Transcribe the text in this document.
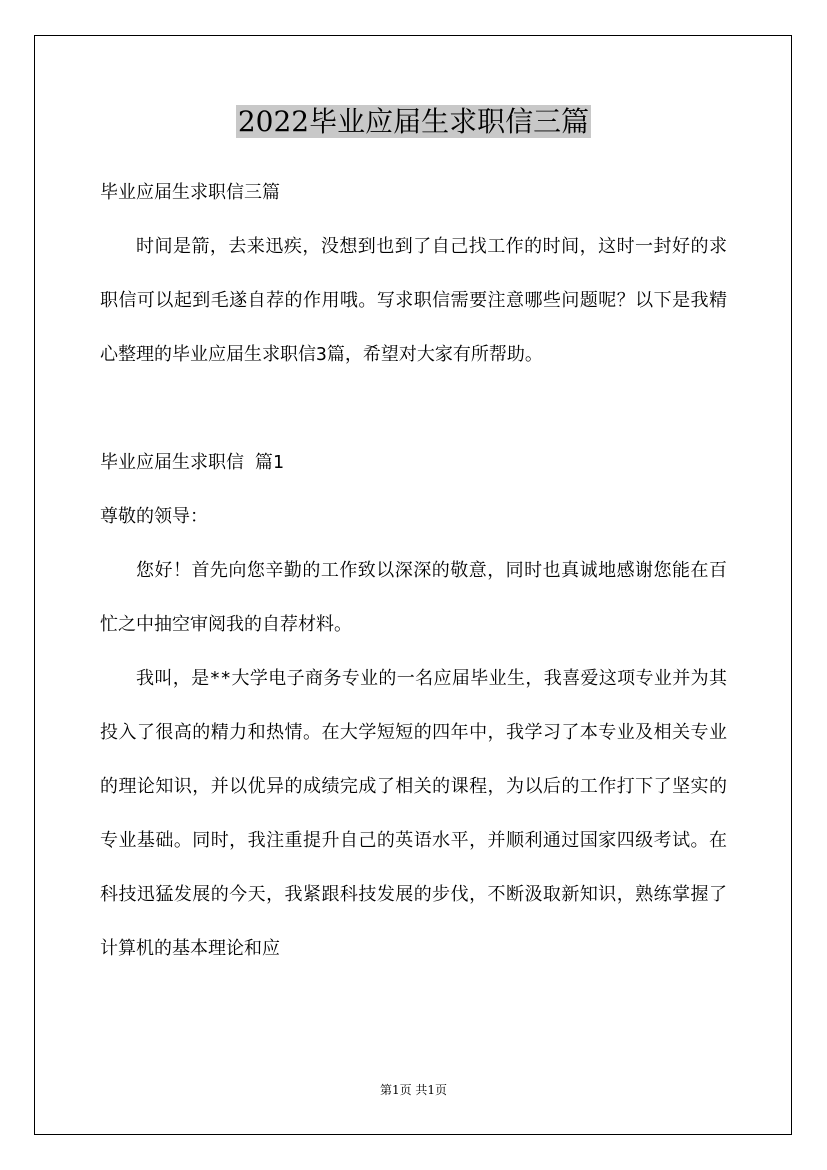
2022毕业应届生求职信三篇

毕业应届生求职信三篇

时间是箭，去来迅疾，没想到也到了自己找工作的时间，这时一封好的求职信可以起到毛遂自荐的作用哦。写求职信需要注意哪些问题呢？以下是我精心整理的毕业应届生求职信3篇，希望对大家有所帮助。

毕业应届生求职信 篇1

尊敬的领导：

您好！首先向您辛勤的工作致以深深的敬意，同时也真诚地感谢您能在百忙之中抽空审阅我的自荐材料。

我叫，是**大学电子商务专业的一名应届毕业生，我喜爱这项专业并为其投入了很高的精力和热情。在大学短短的四年中，我学习了本专业及相关专业的理论知识，并以优异的成绩完成了相关的课程，为以后的工作打下了坚实的专业基础。同时，我注重提升自己的英语水平，并顺利通过国家四级考试。在科技迅猛发展的今天，我紧跟科技发展的步伐，不断汲取新知识，熟练掌握了计算机的基本理论和应

第1页 共1页
